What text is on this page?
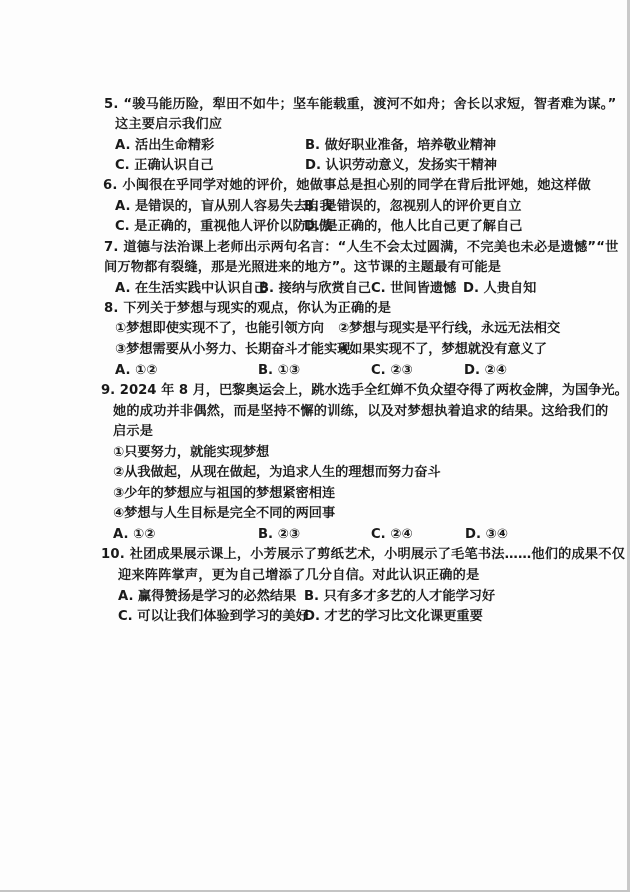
5. “骏马能历险，犁田不如牛；坚车能载重，渡河不如舟；舍长以求短，智者难为谋。”
这主要启示我们应
A. 活出生命精彩	B. 做好职业准备，培养敬业精神
C. 正确认识自己	D. 认识劳动意义，发扬实干精神
6. 小闽很在乎同学对她的评价，她做事总是担心别的同学在背后批评她，她这样做
A. 是错误的，盲从别人容易失去自我
B. 是错误的，忽视别人的评价更自立
C. 是正确的，重视他人评价以防自傲
D. 是正确的，他人比自己更了解自己
7. 道德与法治课上老师出示两句名言：“人生不会太过圆满，不完美也未必是遗憾”“世
间万物都有裂缝，那是光照进来的地方”。这节课的主题最有可能是
A. 在生活实践中认识自己
B. 接纳与欣赏自己 C. 世间皆遗憾 D. 人贵自知
8. 下列关于梦想与现实的观点，你认为正确的是
①梦想即使实现不了，也能引领方向 ②梦想与现实是平行线，永远无法相交
③梦想需要从小努力、长期奋斗才能实现
④如果实现不了，梦想就没有意义了
A. ①②	B. ①③	C. ②③	D. ②④
9. 2024 年 8 月，巴黎奥运会上，跳水选手全红婵不负众望夺得了两枚金牌，为国争光。
她的成功并非偶然，而是坚持不懈的训练，以及对梦想执着追求的结果。这给我们的
启示是
①只要努力，就能实现梦想
②从我做起，从现在做起，为追求人生的理想而努力奋斗
③少年的梦想应与祖国的梦想紧密相连
④梦想与人生目标是完全不同的两回事
A. ①②	B. ②③	C. ②④	D. ③④
10. 社团成果展示课上，小芳展示了剪纸艺术，小明展示了毛笔书法……他们的成果不仅
迎来阵阵掌声，更为自己增添了几分自信。对此认识正确的是
A. 赢得赞扬是学习的必然结果 B. 只有多才多艺的人才能学习好
C. 可以让我们体验到学习的美好
D. 才艺的学习比文化课更重要
